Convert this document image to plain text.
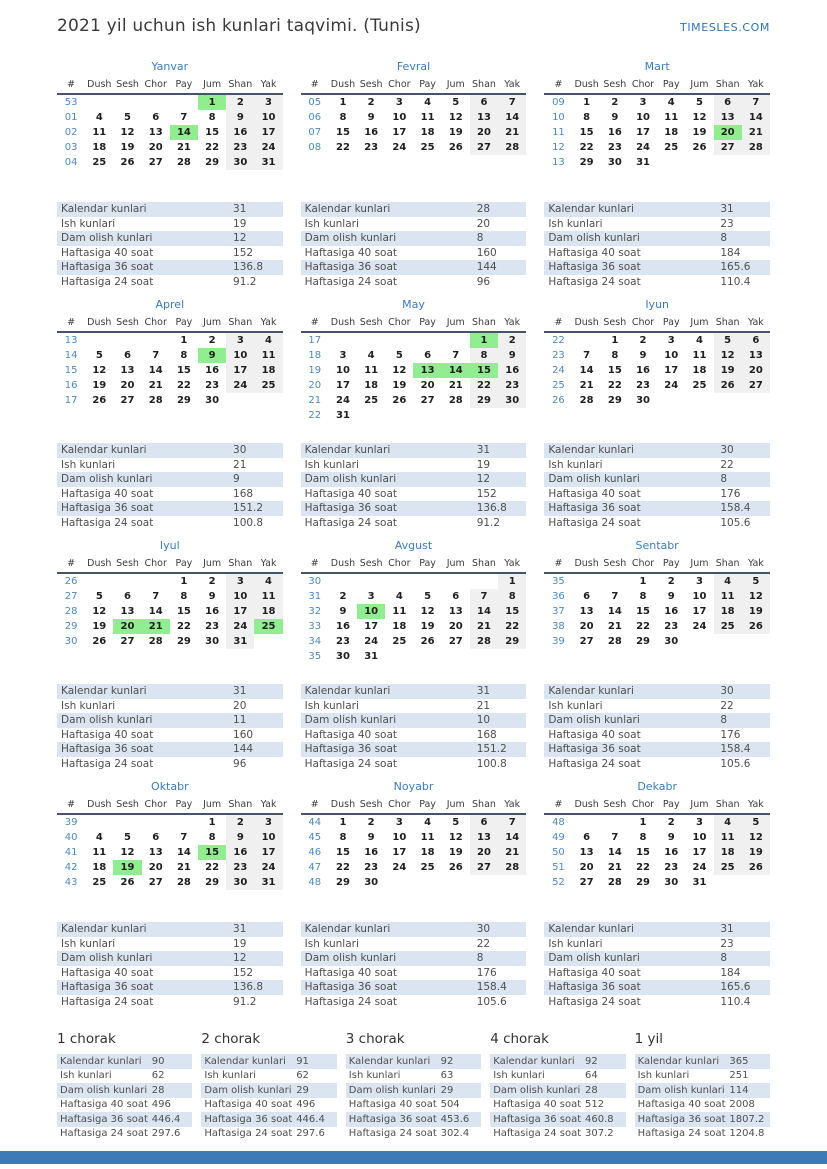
2021 yil uchun ish kunlari taqvimi. (Tunis)	TIMESLES.COM
Yanvar
#	Dush	Sesh	Chor	Pay	Jum	Shan	Yak
53					1	2	3
01	4	5	6	7	8	9	10
02	11	12	13	14	15	16	17
03	18	19	20	21	22	23	24
04	25	26	27	28	29	30	31
Kalendar kunlari	31
Ish kunlari	19
Dam olish kunlari	12
Haftasiga 40 soat	152
Haftasiga 36 soat	136.8
Haftasiga 24 soat	91.2
Fevral
#	Dush	Sesh	Chor	Pay	Jum	Shan	Yak
05	1	2	3	4	5	6	7
06	8	9	10	11	12	13	14
07	15	16	17	18	19	20	21
08	22	23	24	25	26	27	28
Kalendar kunlari	28
Ish kunlari	20
Dam olish kunlari	8
Haftasiga 40 soat	160
Haftasiga 36 soat	144
Haftasiga 24 soat	96
Mart
#	Dush	Sesh	Chor	Pay	Jum	Shan	Yak
09	1	2	3	4	5	6	7
10	8	9	10	11	12	13	14
11	15	16	17	18	19	20	21
12	22	23	24	25	26	27	28
13	29	30	31				
Kalendar kunlari	31
Ish kunlari	23
Dam olish kunlari	8
Haftasiga 40 soat	184
Haftasiga 36 soat	165.6
Haftasiga 24 soat	110.4
Aprel
#	Dush	Sesh	Chor	Pay	Jum	Shan	Yak
13				1	2	3	4
14	5	6	7	8	9	10	11
15	12	13	14	15	16	17	18
16	19	20	21	22	23	24	25
17	26	27	28	29	30		
Kalendar kunlari	30
Ish kunlari	21
Dam olish kunlari	9
Haftasiga 40 soat	168
Haftasiga 36 soat	151.2
Haftasiga 24 soat	100.8
May
#	Dush	Sesh	Chor	Pay	Jum	Shan	Yak
17						1	2
18	3	4	5	6	7	8	9
19	10	11	12	13	14	15	16
20	17	18	19	20	21	22	23
21	24	25	26	27	28	29	30
22	31						
Kalendar kunlari	31
Ish kunlari	19
Dam olish kunlari	12
Haftasiga 40 soat	152
Haftasiga 36 soat	136.8
Haftasiga 24 soat	91.2
Iyun
#	Dush	Sesh	Chor	Pay	Jum	Shan	Yak
22		1	2	3	4	5	6
23	7	8	9	10	11	12	13
24	14	15	16	17	18	19	20
25	21	22	23	24	25	26	27
26	28	29	30				
Kalendar kunlari	30
Ish kunlari	22
Dam olish kunlari	8
Haftasiga 40 soat	176
Haftasiga 36 soat	158.4
Haftasiga 24 soat	105.6
Iyul
#	Dush	Sesh	Chor	Pay	Jum	Shan	Yak
26				1	2	3	4
27	5	6	7	8	9	10	11
28	12	13	14	15	16	17	18
29	19	20	21	22	23	24	25
30	26	27	28	29	30	31	
Kalendar kunlari	31
Ish kunlari	20
Dam olish kunlari	11
Haftasiga 40 soat	160
Haftasiga 36 soat	144
Haftasiga 24 soat	96
Avgust
#	Dush	Sesh	Chor	Pay	Jum	Shan	Yak
30							1
31	2	3	4	5	6	7	8
32	9	10	11	12	13	14	15
33	16	17	18	19	20	21	22
34	23	24	25	26	27	28	29
35	30	31					
Kalendar kunlari	31
Ish kunlari	21
Dam olish kunlari	10
Haftasiga 40 soat	168
Haftasiga 36 soat	151.2
Haftasiga 24 soat	100.8
Sentabr
#	Dush	Sesh	Chor	Pay	Jum	Shan	Yak
35			1	2	3	4	5
36	6	7	8	9	10	11	12
37	13	14	15	16	17	18	19
38	20	21	22	23	24	25	26
39	27	28	29	30			
Kalendar kunlari	30
Ish kunlari	22
Dam olish kunlari	8
Haftasiga 40 soat	176
Haftasiga 36 soat	158.4
Haftasiga 24 soat	105.6
Oktabr
#	Dush	Sesh	Chor	Pay	Jum	Shan	Yak
39					1	2	3
40	4	5	6	7	8	9	10
41	11	12	13	14	15	16	17
42	18	19	20	21	22	23	24
43	25	26	27	28	29	30	31
Kalendar kunlari	31
Ish kunlari	19
Dam olish kunlari	12
Haftasiga 40 soat	152
Haftasiga 36 soat	136.8
Haftasiga 24 soat	91.2
Noyabr
#	Dush	Sesh	Chor	Pay	Jum	Shan	Yak
44	1	2	3	4	5	6	7
45	8	9	10	11	12	13	14
46	15	16	17	18	19	20	21
47	22	23	24	25	26	27	28
48	29	30					
Kalendar kunlari	30
Ish kunlari	22
Dam olish kunlari	8
Haftasiga 40 soat	176
Haftasiga 36 soat	158.4
Haftasiga 24 soat	105.6
Dekabr
#	Dush	Sesh	Chor	Pay	Jum	Shan	Yak
48			1	2	3	4	5
49	6	7	8	9	10	11	12
50	13	14	15	16	17	18	19
51	20	21	22	23	24	25	26
52	27	28	29	30	31		
Kalendar kunlari	31
Ish kunlari	23
Dam olish kunlari	8
Haftasiga 40 soat	184
Haftasiga 36 soat	165.6
Haftasiga 24 soat	110.4
1 chorak
Kalendar kunlari	90
Ish kunlari	62
Dam olish kunlari	28
Haftasiga 40 soat	496
Haftasiga 36 soat	446.4
Haftasiga 24 soat	297.6
2 chorak
Kalendar kunlari	91
Ish kunlari	62
Dam olish kunlari	29
Haftasiga 40 soat	496
Haftasiga 36 soat	446.4
Haftasiga 24 soat	297.6
3 chorak
Kalendar kunlari	92
Ish kunlari	63
Dam olish kunlari	29
Haftasiga 40 soat	504
Haftasiga 36 soat	453.6
Haftasiga 24 soat	302.4
4 chorak
Kalendar kunlari	92
Ish kunlari	64
Dam olish kunlari	28
Haftasiga 40 soat	512
Haftasiga 36 soat	460.8
Haftasiga 24 soat	307.2
1 yil
Kalendar kunlari	365
Ish kunlari	251
Dam olish kunlari	114
Haftasiga 40 soat	2008
Haftasiga 36 soat	1807.2
Haftasiga 24 soat	1204.8
